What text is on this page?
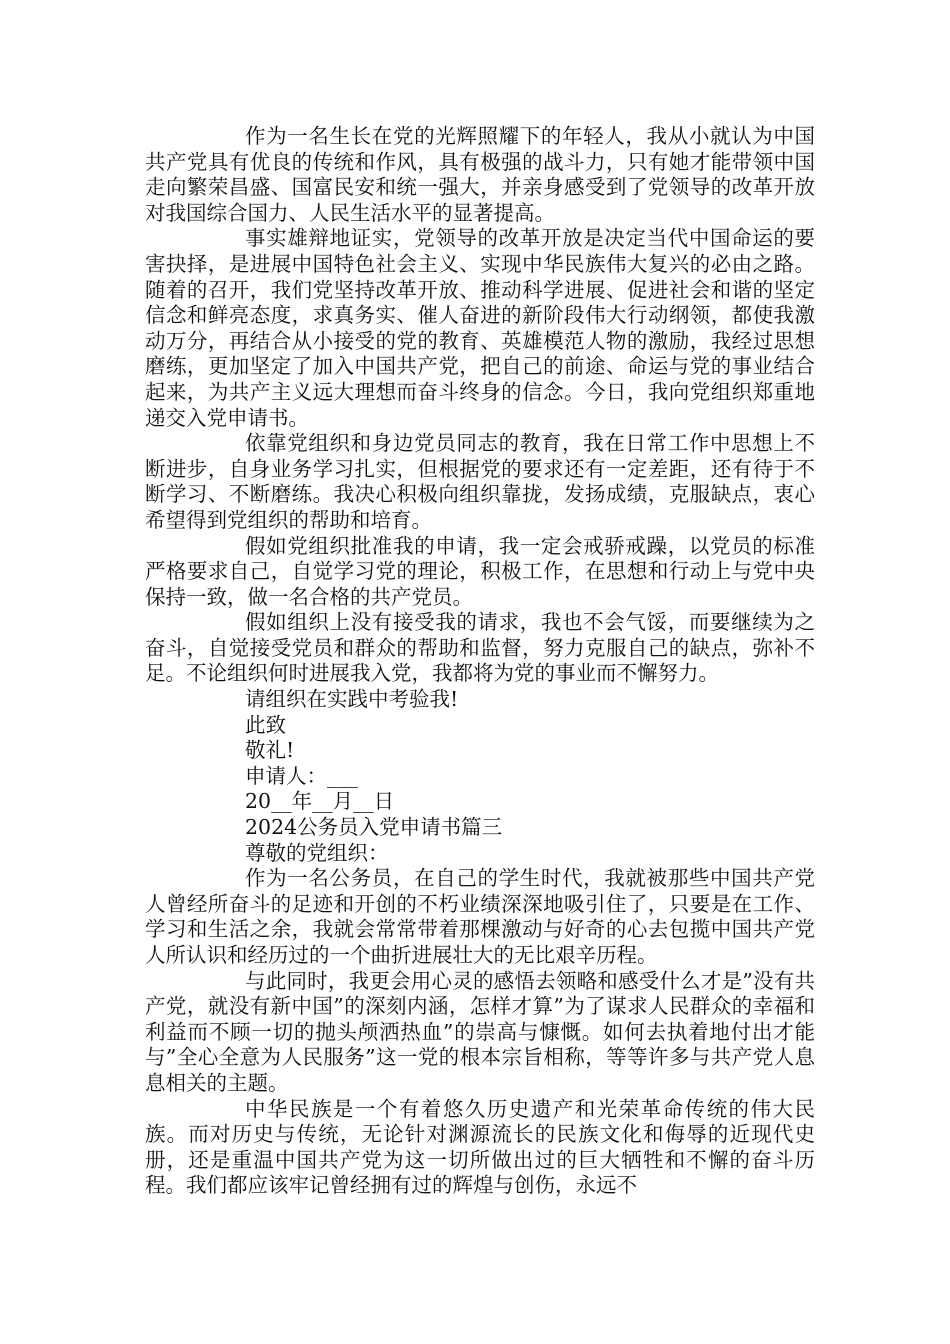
作为一名生长在党的光辉照耀下的年轻人，我从小就认为中国共产党具有优良的传统和作风，具有极强的战斗力，只有她才能带领中国走向繁荣昌盛、国富民安和统一强大，并亲身感受到了党领导的改革开放对我国综合国力、人民生活水平的显著提高。

事实雄辩地证实，党领导的改革开放是决定当代中国命运的要害抉择，是进展中国特色社会主义、实现中华民族伟大复兴的必由之路。随着的召开，我们党坚持改革开放、推动科学进展、促进社会和谐的坚定信念和鲜亮态度，求真务实、催人奋进的新阶段伟大行动纲领，都使我激动万分，再结合从小接受的党的教育、英雄模范人物的激励，我经过思想磨练，更加坚定了加入中国共产党，把自己的前途、命运与党的事业结合起来，为共产主义远大理想而奋斗终身的信念。今日，我向党组织郑重地递交入党申请书。

依靠党组织和身边党员同志的教育，我在日常工作中思想上不断进步，自身业务学习扎实，但根据党的要求还有一定差距，还有待于不断学习、不断磨练。我决心积极向组织靠拢，发扬成绩，克服缺点，衷心希望得到党组织的帮助和培育。

假如党组织批准我的申请，我一定会戒骄戒躁，以党员的标准严格要求自己，自觉学习党的理论，积极工作，在思想和行动上与党中央保持一致，做一名合格的共产党员。

假如组织上没有接受我的请求，我也不会气馁，而要继续为之奋斗，自觉接受党员和群众的帮助和监督，努力克服自己的缺点，弥补不足。不论组织何时进展我入党，我都将为党的事业而不懈努力。

请组织在实践中考验我!

此致

敬礼!

申请人：___

20__年__月__日

2024公务员入党申请书篇三

尊敬的党组织：

作为一名公务员，在自己的学生时代，我就被那些中国共产党人曾经所奋斗的足迹和开创的不朽业绩深深地吸引住了，只要是在工作、学习和生活之余，我就会常常带着那棵激动与好奇的心去包揽中国共产党人所认识和经历过的一个曲折进展壮大的无比艰辛历程。

与此同时，我更会用心灵的感悟去领略和感受什么才是”没有共产党，就没有新中国”的深刻内涵，怎样才算”为了谋求人民群众的幸福和利益而不顾一切的抛头颅洒热血”的崇高与慷慨。如何去执着地付出才能与”全心全意为人民服务”这一党的根本宗旨相称，等等许多与共产党人息息相关的主题。

中华民族是一个有着悠久历史遗产和光荣革命传统的伟大民族。而对历史与传统，无论针对渊源流长的民族文化和侮辱的近现代史册，还是重温中国共产党为这一切所做出过的巨大牺牲和不懈的奋斗历程。我们都应该牢记曾经拥有过的辉煌与创伤，永远不
